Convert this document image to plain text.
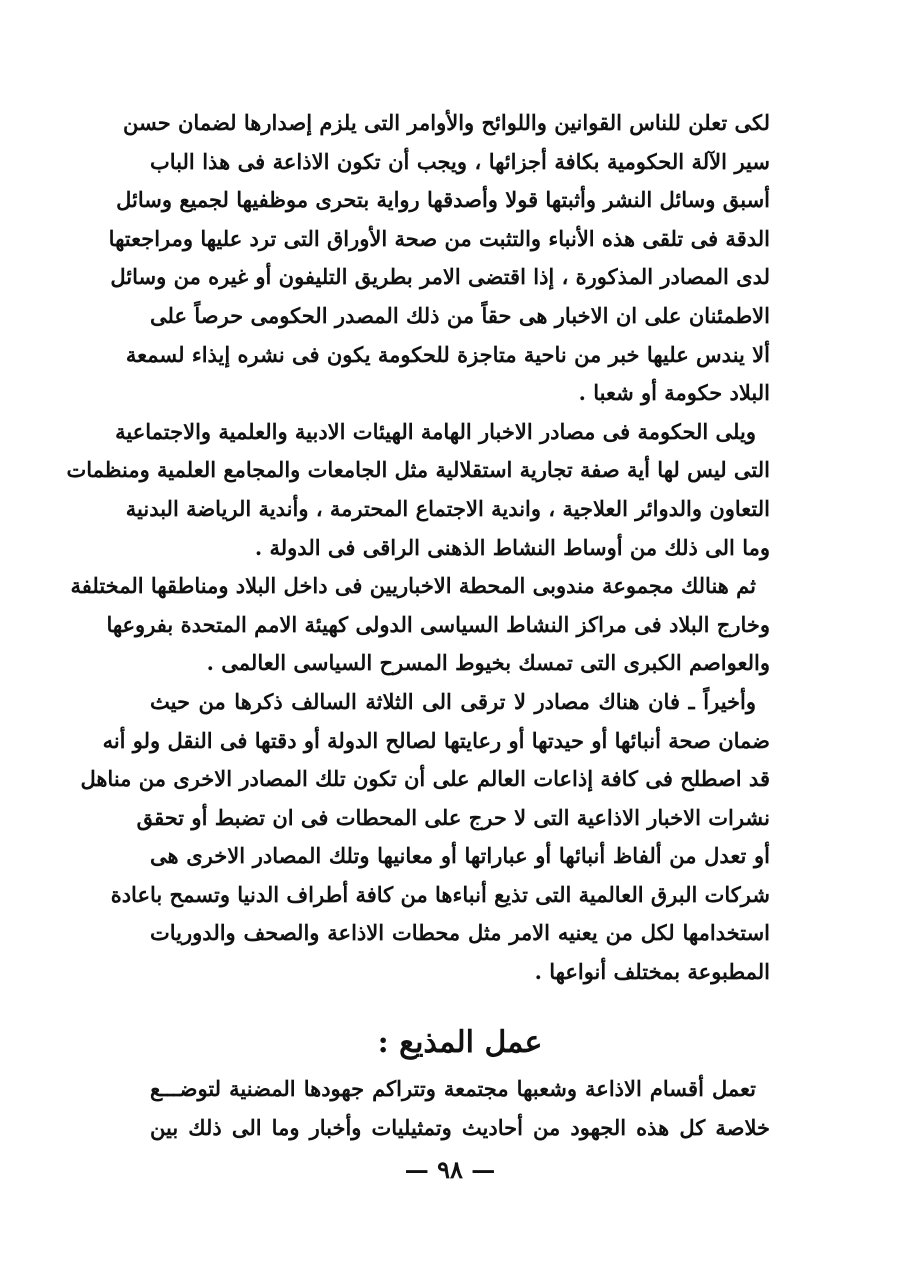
لكى تعلن للناس القوانين واللوائح والأوامر التى يلزم إصدارها لضمان حسن
سير الآلة الحكومية بكافة أجزائها ، ويجب أن تكون الاذاعة فى هذا الباب
أسبق وسائل النشر وأثبتها قولا وأصدقها رواية بتحرى موظفيها لجميع وسائل
الدقة فى تلقى هذه الأنباء والتثبت من صحة الأوراق التى ترد عليها ومراجعتها
لدى المصادر المذكورة ، إذا اقتضى الامر بطريق التليفون أو غيره من وسائل
الاطمئنان على ان الاخبار هى حقاً من ذلك المصدر الحكومى حرصاً على
ألا يندس عليها خبر من ناحية متاجزة للحكومة يكون فى نشره إيذاء لسمعة
البلاد حكومة أو شعبا .
ويلى الحكومة فى مصادر الاخبار الهامة الهيئات الادبية والعلمية والاجتماعية
التى ليس لها أية صفة تجارية استقلالية مثل الجامعات والمجامع العلمية ومنظمات
التعاون والدوائر العلاجية ، واندية الاجتماع المحترمة ، وأندية الرياضة البدنية
وما الى ذلك من أوساط النشاط الذهنى الراقى فى الدولة .
ثم هنالك مجموعة مندوبى المحطة الاخباريين فى داخل البلاد ومناطقها المختلفة
وخارج البلاد فى مراكز النشاط السياسى الدولى كهيئة الامم المتحدة بفروعها
والعواصم الكبرى التى تمسك بخيوط المسرح السياسى العالمى .
وأخيراً ـ فان هناك مصادر لا ترقى الى الثلاثة السالف ذكرها من حيث
ضمان صحة أنبائها أو حيدتها أو رعايتها لصالح الدولة أو دقتها فى النقل ولو أنه
قد اصطلح فى كافة إذاعات العالم على أن تكون تلك المصادر الاخرى من مناهل
نشرات الاخبار الاذاعية التى لا حرج على المحطات فى ان تضبط أو تحقق
أو تعدل من ألفاظ أنبائها أو عباراتها أو معانيها وتلك المصادر الاخرى هى
شركات البرق العالمية التى تذيع أنباءها من كافة أطراف الدنيا وتسمح باعادة
استخدامها لكل من يعنيه الامر مثل محطات الاذاعة والصحف والدوريات
المطبوعة بمختلف أنواعها .
عمل المذيع :
تعمل أقسام الاذاعة وشعبها مجتمعة وتتراكم جهودها المضنية لتوضـــع
خلاصة كل هذه الجهود من أحاديث وتمثيليات وأخبار وما الى ذلك بين
— ٩٨ —
